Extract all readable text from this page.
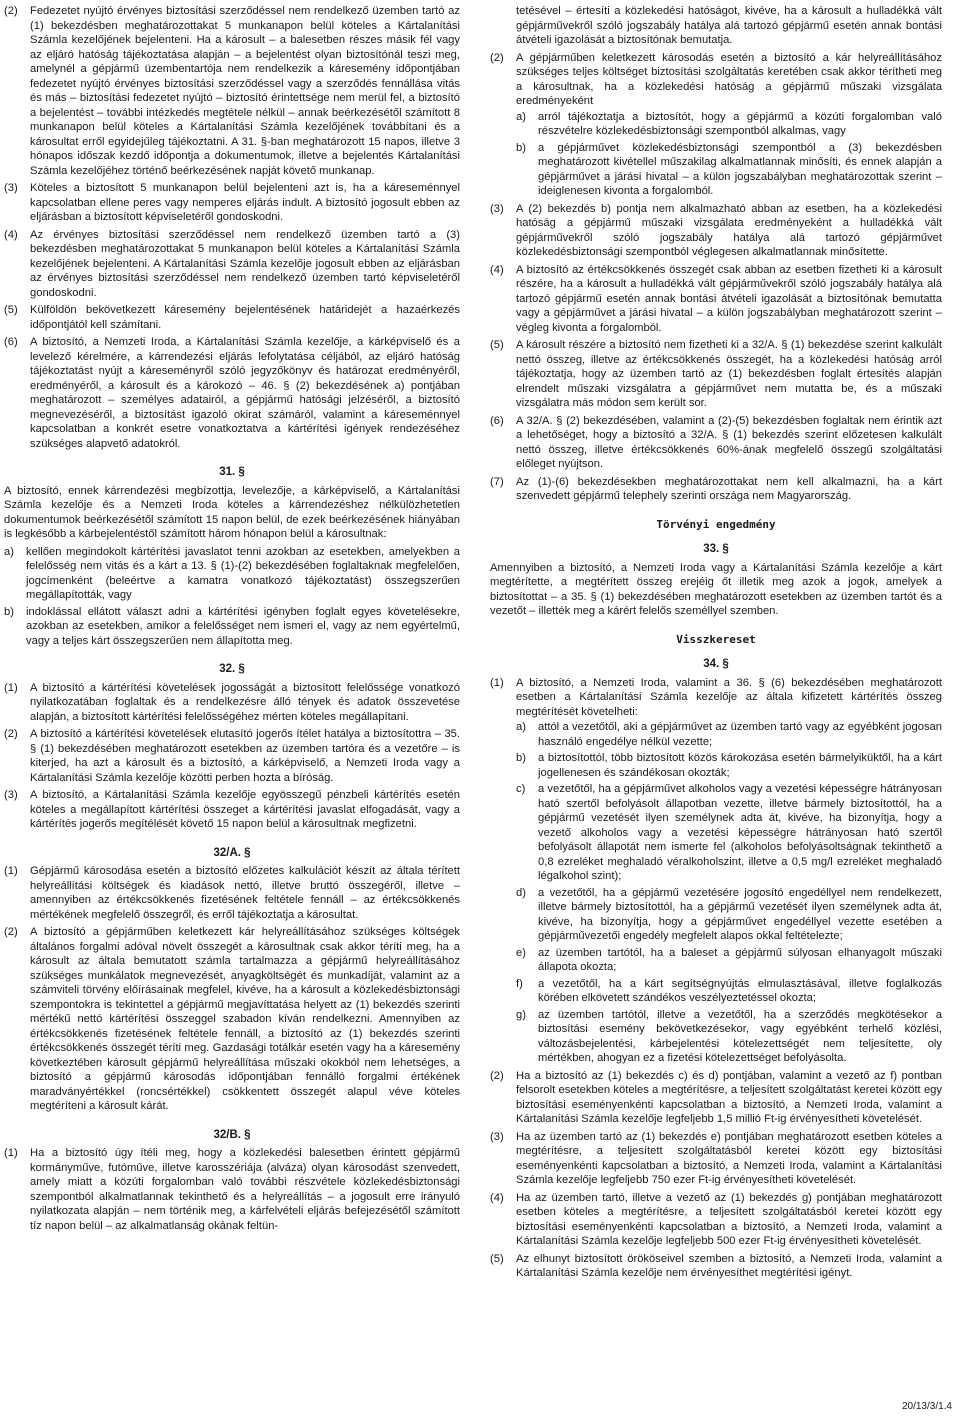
(2) Fedezetet nyújtó érvényes biztosítási szerződéssel nem rendelkező üzemben tartó az (1) bekezdésben meghatározottakat 5 munkanapon belül köteles a Kártalanítási Számla kezelőjének bejelenteni. Ha a károsult – a balesetben részes másik fél vagy az eljáró hatóság tájékoztatása alapján – a bejelentést olyan biztosítónál teszi meg, amelynél a gépjármű üzembentartója nem rendelkezik a káresemény időpontjában fedezetet nyújtó érvényes biztosítási szerződéssel vagy a szerződés fennállása vitás és más – biztosítási fedezetet nyújtó – biztosító érintettsége nem merül fel, a biztosító a bejelentést – további intézkedés megtétele nélkül – annak beérkezésétől számított 8 munkanapon belül köteles a Kártalanítási Számla kezelőjének továbbítani és a károsultat erről egyidejűleg tájékoztatni. A 31. §-ban meghatározott 15 napos, illetve 3 hónapos időszak kezdő időpontja a dokumentumok, illetve a bejelentés Kártalanítási Számla kezelőjéhez történő beérkezésének napját követő munkanap.
(3) Köteles a biztosított 5 munkanapon belül bejelenteni azt is, ha a káreseménnyel kapcsolatban ellene peres vagy nemperes eljárás indult. A biztosító jogosult ebben az eljárásban a biztosított képviseletéről gondoskodni.
(4) Az érvényes biztosítási szerződéssel nem rendelkező üzemben tartó a (3) bekezdésben meghatározottakat 5 munkanapon belül köteles a Kártalanítási Számla kezelőjének bejelenteni. A Kártalanítási Számla kezelője jogosult ebben az eljárásban az érvényes biztosítási szerződéssel nem rendelkező üzemben tartó képviseletéről gondoskodni.
(5) Külföldön bekövetkezett káresemény bejelentésének határidejét a hazaérkezés időpontjától kell számítani.
(6) A biztosító, a Nemzeti Iroda, a Kártalanítási Számla kezelője, a kárképviselő és a levelező kérelmére, a kárrendezési eljárás lefolytatása céljából, az eljáró hatóság tájékoztatást nyújt a káreseményről szóló jegyzőkönyv és határozat eredményéről, eredményéről, a károsult és a károkozó – 46. § (2) bekezdésének a) pontjában meghatározott – személyes adatairól, a gépjármű hatósági jelzéséről, a biztosító megnevezéséről, a biztosítást igazoló okirat számáról, valamint a káreseménnyel kapcsolatban a konkrét esetre vonatkoztatva a kártérítési igények rendezéséhez szükséges alapvető adatokról.
31. §

A biztosító, ennek kárrendezési megbízottja, levelezője, a kárképviselő, a Kártalanítási Számla kezelője és a Nemzeti Iroda köteles a kárrendezéshez nélkülözhetetlen dokumentumok beérkezésétől számított 15 napon belül, de ezek beérkezésének hiányában is legkésőbb a kárbejelentéstől számított három hónapon belül a károsultnak:

a) kellően megindokolt kártérítési javaslatot tenni azokban az esetekben, amelyekben a felelősség nem vitás és a kárt a 13. § (1)-(2) bekezdésében foglaltaknak megfelelően, jogcímenként (beleértve a kamatra vonatkozó tájékoztatást) összegszerűen megállapították, vagy
b) indoklással ellátott választ adni a kártérítési igényben foglalt egyes követelésekre, azokban az esetekben, amikor a felelősséget nem ismeri el, vagy az nem egyértelmű, vagy a teljes kárt összegszerűen nem állapította meg.
32. §
(1) A biztosító a kártérítési követelések jogosságát a biztosított felelőssége vonatkozó nyilatkozatában foglaltak és a rendelkezésre álló tények és adatok összevetése alapján, a biztosított kártérítési felelősségéhez mérten köteles megállapítani.
(2) A biztosító a kártérítési követelések elutasító jogerős ítélet hatálya a biztosítottra – 35. § (1) bekezdésében meghatározott esetekben az üzemben tartóra és a vezetőre – is kiterjed, ha azt a károsult és a biztosító, a kárképviselő, a Nemzeti Iroda vagy a Kártalanítási Számla kezelője közötti perben hozta a bíróság.
(3) A biztosító, a Kártalanítási Számla kezelője egyösszegű pénzbeli kártérítés esetén köteles a megállapított kártérítési összeget a kártérítési javaslat elfogadását, vagy a kártérítés jogerős megítélését követő 15 napon belül a károsultnak megfizetni.
32/A. §
(1) Gépjármű károsodása esetén a biztosító előzetes kalkulációt készít az általa térített helyreállítási költségek és kiadások nettó, illetve bruttó összegéről, illetve – amennyiben az értékcsökkenés fizetésének feltétele fennáll – az értékcsökkenés mértékének megfelelő összegről, és erről tájékoztatja a károsultat.
(2) A biztosító a gépjárműben keletkezett kár helyreállításához szükséges költségek általános forgalmi adóval növelt összegét a károsultnak csak akkor téríti meg, ha a károsult az általa bemutatott számla tartalmazza a gépjármű helyreállításához szükséges munkálatok megnevezését, anyagköltségét és munkadíját, valamint az a számviteli törvény előírásainak megfelel, kivéve, ha a károsult a közlekedésbiztonsági szempontokra is tekintettel a gépjármű megjavíttatása helyett az (1) bekezdés szerinti mértékű nettó kártérítési összeggel szabadon kíván rendelkezni. Amennyiben az értékcsökkenés fizetésének feltétele fennáll, a biztosító az (1) bekezdés szerinti értékcsökkenés összegét téríti meg. Gazdasági totálkár esetén vagy ha a káresemény következtében károsult gépjármű helyreállítása műszaki okokból nem lehetséges, a biztosító a gépjármű károsodás időpontjában fennálló forgalmi értékének maradványértékkel (roncsértékkel) csökkentett összegét alapul véve köteles megtéríteni a károsult kárát.
32/B. §
(1) Ha a biztosító úgy ítéli meg, hogy a közlekedési balesetben érintett gépjármű kormányműve, futóműve, illetve karosszériája (alváza) olyan károsodást szenvedett, amely miatt a közúti forgalomban való további részvétele közlekedésbiztonsági szempontból alkalmatlannak tekinthető és a helyreállítás – a jogosult erre irányuló nyilatkozata alapján – nem történik meg, a kárfelvételi eljárás befejezésétől számított tíz napon belül – az alkalmatlanság okának feltün-

tetésével – értesíti a közlekedési hatóságot, kivéve, ha a károsult a hulladékká vált gépjárművekről szóló jogszabály hatálya alá tartozó gépjármű esetén annak bontási átvételi igazolását a biztosítónak bemutatja.

(2) A gépjárműben keletkezett károsodás esetén a biztosító a kár helyreállításához szükséges teljes költséget biztosítási szolgáltatás keretében csak akkor térítheti meg a károsultnak, ha a közlekedési hatóság a gépjármű műszaki vizsgálata eredményeként
a) arról tájékoztatja a biztosítót, hogy a gépjármű a közúti forgalomban való részvételre közlekedésbiztonsági szempontból alkalmas, vagy
b) a gépjárművet közlekedésbiztonsági szempontból a (3) bekezdésben meghatározott kivétellel műszakilag alkalmatlannak minősíti, és ennek alapján a gépjárművet a járási hivatal – a külön jogszabályban meghatározottak szerint – ideiglenesen kivonta a forgalomból.
(3) A (2) bekezdés b) pontja nem alkalmazható abban az esetben, ha a közlekedési hatóság a gépjármű műszaki vizsgálata eredményeként a hulladékká vált gépjárművekről szóló jogszabály hatálya alá tartozó gépjárművet közlekedésbiztonsági szempontból véglegesen alkalmatlannak minősítette.
(4) A biztosító az értékcsökkenés összegét csak abban az esetben fizetheti ki a károsult részére, ha a károsult a hulladékká vált gépjárművekről szóló jogszabály hatálya alá tartozó gépjármű esetén annak bontási átvételi igazolását a biztosítónak bemutatta vagy a gépjárművet a járási hivatal – a külön jogszabályban meghatározott szerint – végleg kivonta a forgalomból.
(5) A károsult részére a biztosító nem fizetheti ki a 32/A. § (1) bekezdése szerint kalkulált nettó összeg, illetve az értékcsökkenés összegét, ha a közlekedési hatóság arról tájékoztatja, hogy az üzemben tartó az (1) bekezdésben foglalt értesítés alapján elrendelt műszaki vizsgálatra a gépjárművet nem mutatta be, és a műszaki vizsgálatra más módon sem került sor.
(6) A 32/A. § (2) bekezdésében, valamint a (2)-(5) bekezdésben foglaltak nem érintik azt a lehetőséget, hogy a biztosító a 32/A. § (1) bekezdés szerint előzetesen kalkulált nettó összeg, illetve értékcsökkenés 60%-ának megfelelő összegű szolgáltatási előleget nyújtson.
(7) Az (1)-(6) bekezdésekben meghatározottakat nem kell alkalmazni, ha a kárt szenvedett gépjármű telephely szerinti országa nem Magyarország.
Törvényi engedmény
33. §

Amennyiben a biztosító, a Nemzeti Iroda vagy a Kártalanítási Számla kezelője a kárt megtérítette, a megtérített összeg erejéig őt illetik meg azok a jogok, amelyek a biztosítottat – a 35. § (1) bekezdésében meghatározott esetekben az üzemben tartót és a vezetőt – illették meg a kárért felelős személlyel szemben.

Visszkereset
34. §
(1) A biztosító, a Nemzeti Iroda, valamint a 36. § (6) bekezdésében meghatározott esetben a Kártalanítási Számla kezelője az általa kifizetett kártérítés összeg megtérítését követelheti:
a) attól a vezetőtől, aki a gépjárművet az üzemben tartó vagy az egyébként jogosan használó engedélye nélkül vezette;
b) a biztosítottól, több biztosított közös károkozása esetén bármelyiküktől, ha a kárt jogellenesen és szándékosan okozták;
c) a vezetőtől, ha a gépjárművet alkoholos vagy a vezetési képességre hátrányosan ható szertől befolyásolt állapotban vezette, illetve bármely biztosítottól, ha a gépjármű vezetését ilyen személynek adta át, kivéve, ha bizonyítja, hogy a vezető alkoholos vagy a vezetési képességre hátrányosan ható szertől befolyásolt állapotát nem ismerte fel (alkoholos befolyásoltságnak tekinthető a 0,8 ezreléket meghaladó véralkoholszint, illetve a 0,5 mg/l ezreléket meghaladó légalkohol szint);
d) a vezetőtől, ha a gépjármű vezetésére jogosító engedéllyel nem rendelkezett, illetve bármely biztosítottól, ha a gépjármű vezetését ilyen személynek adta át, kivéve, ha bizonyítja, hogy a gépjárművet engedéllyel vezette esetében a gépjárművezetői engedély megfelelt alapos okkal feltételezte;
e) az üzemben tartótól, ha a baleset a gépjármű súlyosan elhanyagolt műszaki állapota okozta;
f) a vezetőtől, ha a kárt segítségnyújtás elmulasztásával, illetve foglalkozás körében elkövetett szándékos veszélyeztetéssel okozta;
g) az üzemben tartótól, illetve a vezetőtől, ha a szerződés megkötésekor a biztosítási esemény bekövetkezésekor, vagy egyébként terhelő közlési, változásbejelentési, kárbejelentési kötelezettségét nem teljesítette, oly mértékben, ahogyan ez a fizetési kötelezettséget befolyásolta.
(2) Ha a biztosító az (1) bekezdés c) és d) pontjában, valamint a vezető az f) pontban felsorolt esetekben köteles a megtérítésre, a teljesített szolgáltatást keretei között egy biztosítási eseményenkénti kapcsolatban a biztosító, a Nemzeti Iroda, valamint a Kártalanítási Számla kezelője legfeljebb 1,5 millió Ft-ig érvényesítheti követelését.
(3) Ha az üzemben tartó az (1) bekezdés e) pontjában meghatározott esetben köteles a megtérítésre, a teljesített szolgáltatásból keretei között egy biztosítási eseményenkénti kapcsolatban a biztosító, a Nemzeti Iroda, valamint a Kártalanítási Számla kezelője legfeljebb 750 ezer Ft-ig érvényesítheti követelését.
(4) Ha az üzemben tartó, illetve a vezető az (1) bekezdés g) pontjában meghatározott esetben köteles a megtérítésre, a teljesített szolgáltatásból keretei között egy biztosítási eseményenkénti kapcsolatban a biztosító, a Nemzeti Iroda, valamint a Kártalanítási Számla kezelője legfeljebb 500 ezer Ft-ig érvényesítheti követelését.
(5) Az elhunyt biztosított örököseivel szemben a biztosító, a Nemzeti Iroda, valamint a Kártalanítási Számla kezelője nem érvényesíthet megtérítési igényt.
20/13/3/1.4
